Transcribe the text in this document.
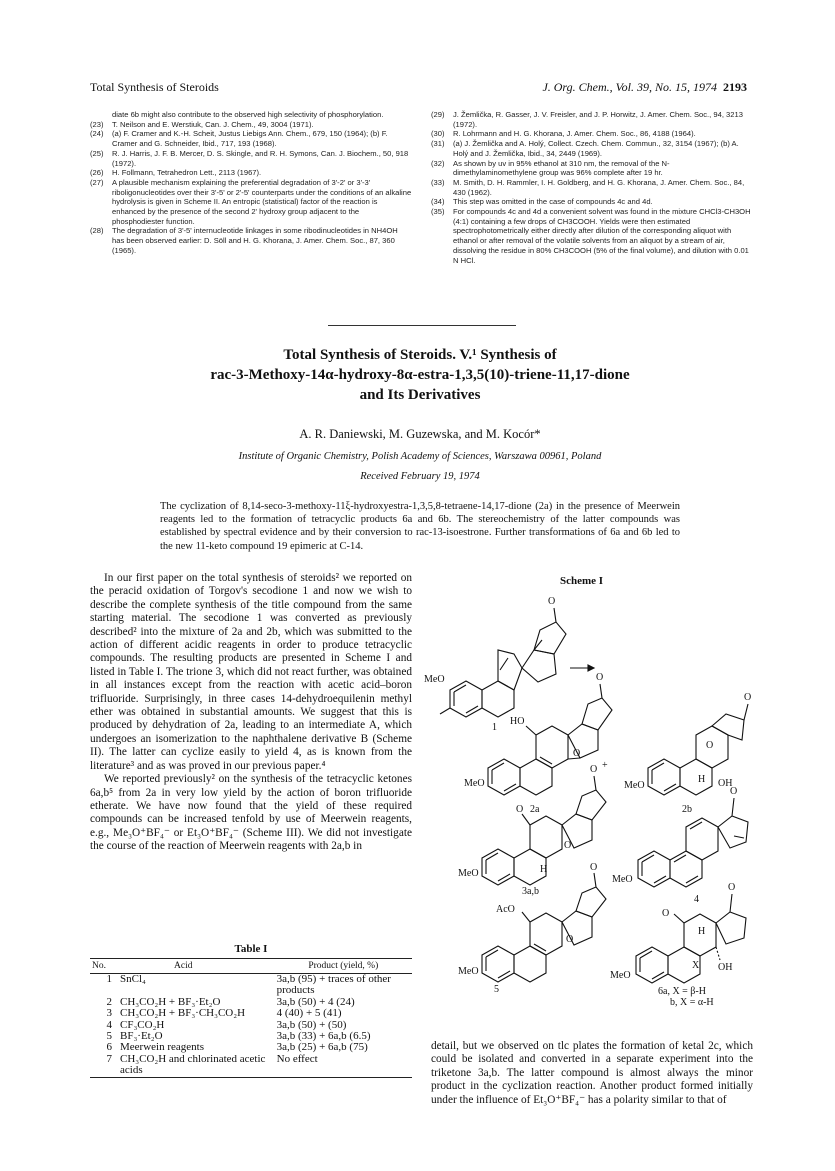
Total Synthesis of Steroids	J. Org. Chem., Vol. 39, No. 15, 1974 2193
diate 6b might also contribute to the observed high selectivity of phosphorylation.
(23)	T. Neilson and E. Werstiuk, Can. J. Chem., 49, 3004 (1971).
(24)	(a) F. Cramer and K.-H. Scheit, Justus Liebigs Ann. Chem., 679, 150 (1964); (b) F. Cramer and G. Schneider, Ibid., 717, 193 (1968).
(25)	R. J. Harris, J. F. B. Mercer, D. S. Skingle, and R. H. Symons, Can. J. Biochem., 50, 918 (1972).
(26)	H. Follmann, Tetrahedron Lett., 2113 (1967).
(27)	A plausible mechanism explaining the preferential degradation of 3'-2' or 3'-3' riboligonucleotides over their 3'-5' or 2'-5' counterparts under the conditions of an alkaline hydrolysis is given in Scheme II. An entropic (statistical) factor of the reaction is enhanced by the presence of the second 2' hydroxy group adjacent to the phosphodiester function.
(28)	The degradation of 3'-5' internucleotide linkages in some ribodinucleotides in NH4OH has been observed earlier: D. Söll and H. G. Khorana, J. Amer. Chem. Soc., 87, 360 (1965).
(29)	J. Žemlička, R. Gasser, J. V. Freisler, and J. P. Horwitz, J. Amer. Chem. Soc., 94, 3213 (1972).
(30)	R. Lohrmann and H. G. Khorana, J. Amer. Chem. Soc., 86, 4188 (1964).
(31)	(a) J. Žemlička and A. Holý, Collect. Czech. Chem. Commun., 32, 3154 (1967); (b) A. Holý and J. Žemlička, Ibid., 34, 2449 (1969).
(32)	As shown by uv in 95% ethanol at 310 nm, the removal of the N-dimethylaminomethylene group was 96% complete after 19 hr.
(33)	M. Smith, D. H. Rammler, I. H. Goldberg, and H. G. Khorana, J. Amer. Chem. Soc., 84, 430 (1962).
(34)	This step was omitted in the case of compounds 4c and 4d.
(35)	For compounds 4c and 4d a convenient solvent was found in the mixture CHCl3-CH3OH (4:1) containing a few drops of CH3COOH. Yields were then estimated spectrophotometrically either directly after dilution of the corresponding aliquot with ethanol or after removal of the volatile solvents from an aliquot by a stream of air, dissolving the residue in 80% CH3COOH (5% of the final volume), and dilution with 0.01 N HCl.
Total Synthesis of Steroids. V.¹ Synthesis of
rac-3-Methoxy-14α-hydroxy-8α-estra-1,3,5(10)-triene-11,17-dione
and Its Derivatives
A. R. Daniewski, M. Guzewska, and M. Kocór*
Institute of Organic Chemistry, Polish Academy of Sciences, Warszawa 00961, Poland
Received February 19, 1974
The cyclization of 8,14-seco-3-methoxy-11ξ-hydroxyestra-1,3,5,8-tetraene-14,17-dione (2a) in the presence of Meerwein reagents led to the formation of tetracyclic products 6a and 6b. The stereochemistry of the latter compounds was established by spectral evidence and by their conversion to rac-13-isoestrone. Further transformations of 6a and 6b led to the new 11-keto compound 19 epimeric at C-14.

In our first paper on the total synthesis of steroids² we reported on the peracid oxidation of Torgov's secodione 1 and now we wish to describe the complete synthesis of the title compound from the same starting material. The secodione 1 was converted as previously described² into the mixture of 2a and 2b, which was submitted to the action of different acidic reagents in order to produce tetracyclic compounds. The resulting products are presented in Scheme I and listed in Table I. The trione 3, which did not react further, was obtained in all instances except from the reaction with acetic acid–boron trifluoride. Surprisingly, in three cases 14-dehydroequilenin methyl ether was obtained in substantial amounts. We suggest that this is produced by dehydration of 2a, leading to an intermediate A, which undergoes an isomerization to the naphthalene derivative B (Scheme II). The latter can cyclize easily to yield 4, as is known from the literature³ and as was proved in our previous paper.⁴

We reported previously² on the synthesis of the tetracyclic ketones 6a,b⁵ from 2a in very low yield by the action of boron trifluoride etherate. We have now found that the yield of these required compounds can be increased tenfold by use of Meerwein reagents, e.g., Me₃O⁺BF₄⁻ or Et₃O⁺BF₄⁻ (Scheme III). We did not investigate the course of the reaction of Meerwein reagents with 2a,b in

Table I
No.	Acid	Product (yield, %)
1	SnCl₄	3a,b (95) + traces of other products
2	CH₃CO₂H + BF₃·Et₂O	3a,b (50) + 4 (24)
3	CH₃CO₂H + BF₃·CH₃CO₂H	4 (40) + 5 (41)
4	CF₃CO₂H	3a,b (50) + (50)
5	BF₃·Et₂O	3a,b (33) + 6a,b (6.5)
6	Meerwein reagents	3a,b (25) + 6a,b (75)
7	CH₃CO₂H and chlorinated acetic acids	No effect
Scheme I
MeO
O
1
HO
O
O
MeO
2a
+
O
O
H OH
MeO
2b
O
O
O
H
MeO
3a,b
O
MeO
4
AcO
O
O
MeO
5
O
O
H
X OH
MeO
6a, X = β-H
b, X = α-H

detail, but we observed on tlc plates the formation of ketal 2c, which could be isolated and converted in a separate experiment into the triketone 3a,b. The latter compound is almost always the minor product in the cyclization reaction. Another product formed initially under the influence of Et₃O⁺BF₄⁻ has a polarity similar to that of
